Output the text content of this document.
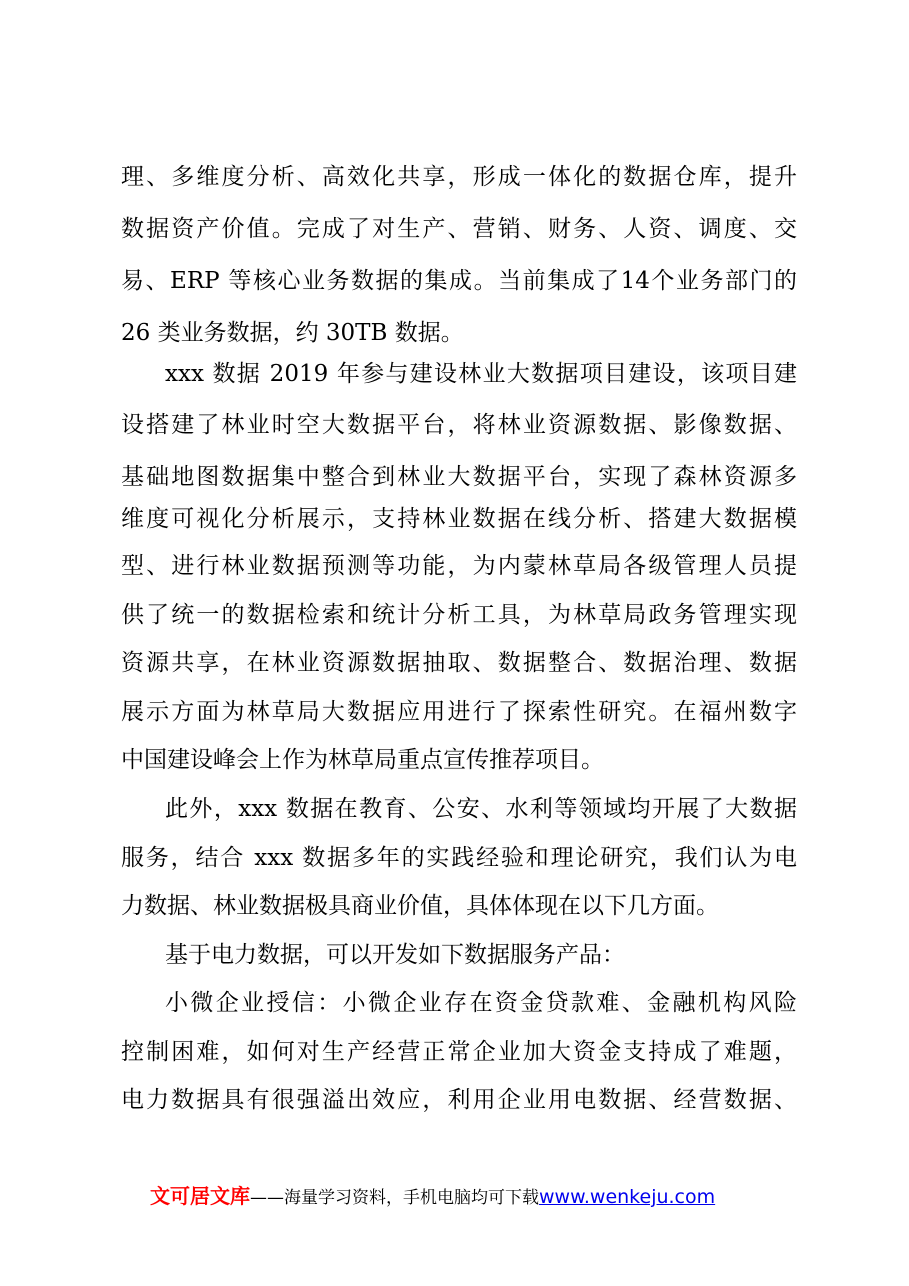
理、多维度分析、高效化共享，形成一体化的数据仓库，提升
数据资产价值。完成了对生产、营销、财务、人资、调度、交
易、ERP 等核心业务数据的集成。当前集成了14个业务部门的
26 类业务数据，约 30TB 数据。
xxx 数据 2019 年参与建设林业大数据项目建设，该项目建
设搭建了林业时空大数据平台，将林业资源数据、影像数据、
基础地图数据集中整合到林业大数据平台，实现了森林资源多
维度可视化分析展示，支持林业数据在线分析、搭建大数据模
型、进行林业数据预测等功能，为内蒙林草局各级管理人员提
供了统一的数据检索和统计分析工具，为林草局政务管理实现
资源共享，在林业资源数据抽取、数据整合、数据治理、数据
展示方面为林草局大数据应用进行了探索性研究。在福州数字
中国建设峰会上作为林草局重点宣传推荐项目。
此外，xxx 数据在教育、公安、水利等领域均开展了大数据
服务，结合 xxx 数据多年的实践经验和理论研究，我们认为电
力数据、林业数据极具商业价值，具体体现在以下几方面。
基于电力数据，可以开发如下数据服务产品：
小微企业授信：小微企业存在资金贷款难、金融机构风险
控制困难，如何对生产经营正常企业加大资金支持成了难题，
电力数据具有很强溢出效应，利用企业用电数据、经营数据、
文可居文库——海量学习资料，手机电脑均可下载www.wenkeju.com
